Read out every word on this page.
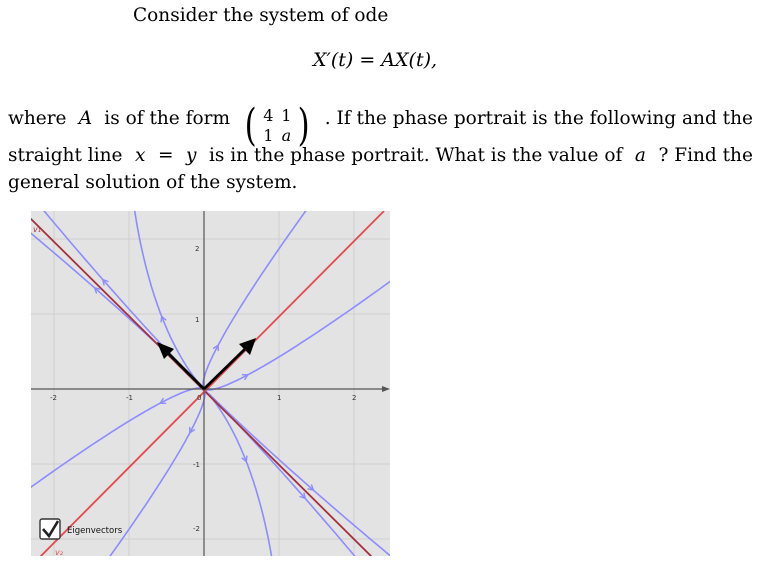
Consider the system of ode
X′(t) = AX(t),
where A is of the form ( 4 1
1 a ) . If the phase portrait is the following and the
straight line x = y is in the phase portrait. What is the value of a ? Find the
general solution of the system.
-2	-1	0	1	2
2
1
-1
-2
v₁
v₂
Eigenvectors
